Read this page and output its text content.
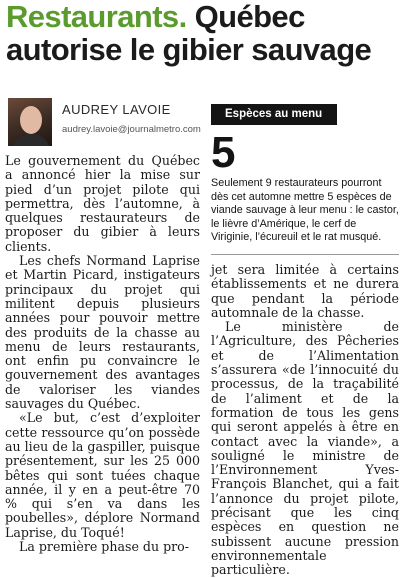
Restaurants. Québec
autorise le gibier sauvage
AUDREY LAVOIE
audrey.lavoie@journalmetro.com
Espèces au menu
5
Seulement 9 restaurateurs pourront dès cet automne mettre 5 espèces de viande sauvage à leur menu : le castor, le lièvre d’Amérique, le cerf de Viriginie, l’écureuil et le rat musqué.

Le gouvernement du Québec a annoncé hier la mise sur pied d’un projet pilote qui permettra, dès l’automne, à quelques restaurateurs de proposer du gibier à leurs clients.

Les chefs Normand Laprise et Martin Picard, instigateurs principaux du projet qui militent depuis plusieurs années pour pouvoir mettre des produits de la chasse au menu de leurs restaurants, ont enfin pu convaincre le gouvernement des avantages de valoriser les viandes sauvages du Québec.

«Le but, c’est d’exploiter cette ressource qu’on possède au lieu de la gaspiller, puisque présentement, sur les 25 000 bêtes qui sont tuées chaque année, il y en a peut-être 70 % qui s’en va dans les poubelles», déplore Normand Laprise, du Toqué!

La première phase du pro-

jet sera limitée à certains établissements et ne durera que pendant la période automnale de la chasse.

Le ministère de l’Agriculture, des Pêcheries et de l’Alimentation s’assurera «de l’innocuité du processus, de la traçabilité de l’aliment et de la formation de tous les gens qui seront appelés à être en contact avec la viande», a souligné le ministre de l’Environnement Yves-François Blanchet, qui a fait l’annonce du projet pilote, précisant que les cinq espèces en question ne subissent aucune pression environnementale particulière.
